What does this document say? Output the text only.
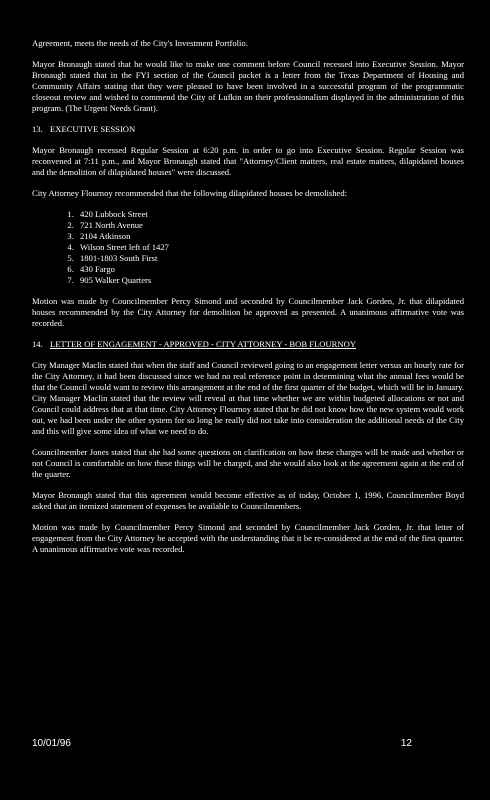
Agreement, meets the needs of the City's Investment Portfolio.

Mayor Bronaugh stated that he would like to make one comment before Council recessed into Executive Session. Mayor Bronaugh stated that in the FYI section of the Council packet is a letter from the Texas Department of Housing and Community Affairs stating that they were pleased to have been involved in a successful program of the programmatic closeout review and wished to commend the City of Lufkin on their professionalism displayed in the administration of this program. (The Urgent Needs Grant).

13. EXECUTIVE SESSION

Mayor Bronaugh recessed Regular Session at 6:20 p.m. in order to go into Executive Session. Regular Session was reconvened at 7:11 p.m., and Mayor Bronaugh stated that "Attorney/Client matters, real estate matters, dilapidated houses and the demolition of dilapidated houses" were discussed.

City Attorney Flournoy recommended that the following dilapidated houses be demolished:

1. 420 Lubbock Street
2. 721 North Avenue
3. 2104 Atkinson
4. Wilson Street left of 1427
5. 1801-1803 South First
6. 430 Fargo
7. 905 Walker Quarters

Motion was made by Councilmember Percy Simond and seconded by Councilmember Jack Gorden, Jr. that dilapidated houses recommended by the City Attorney for demolition be approved as presented. A unanimous affirmative vote was recorded.

14. LETTER OF ENGAGEMENT - APPROVED - CITY ATTORNEY - BOB FLOURNOY

City Manager Maclin stated that when the staff and Council reviewed going to an engagement letter versus an hourly rate for the City Attorney, it had been discussed since we had no real reference point in determining what the annual fees would be that the Council would want to review this arrangement at the end of the first quarter of the budget, which will be in January. City Manager Maclin stated that the review will reveal at that time whether we are within budgeted allocations or not and Council could address that at that time. City Attorney Flournoy stated that he did not know how the new system would work out, we had been under the other system for so long he really did not take into consideration the additional needs of the City and this will give some idea of what we need to do.

Councilmember Jones stated that she had some questions on clarification on how these charges will be made and whether or not Council is comfortable on how these things will be charged, and she would also look at the agreement again at the end of the quarter.

Mayor Bronaugh stated that this agreement would become effective as of today, October 1, 1996. Councilmember Boyd asked that an itemized statement of expenses be available to Councilmembers.

Motion was made by Councilmember Percy Simond and seconded by Councilmember Jack Gorden, Jr. that letter of engagement from the City Attorney be accepted with the understanding that it be re-considered at the end of the first quarter. A unanimous affirmative vote was recorded.

10/01/96	12
